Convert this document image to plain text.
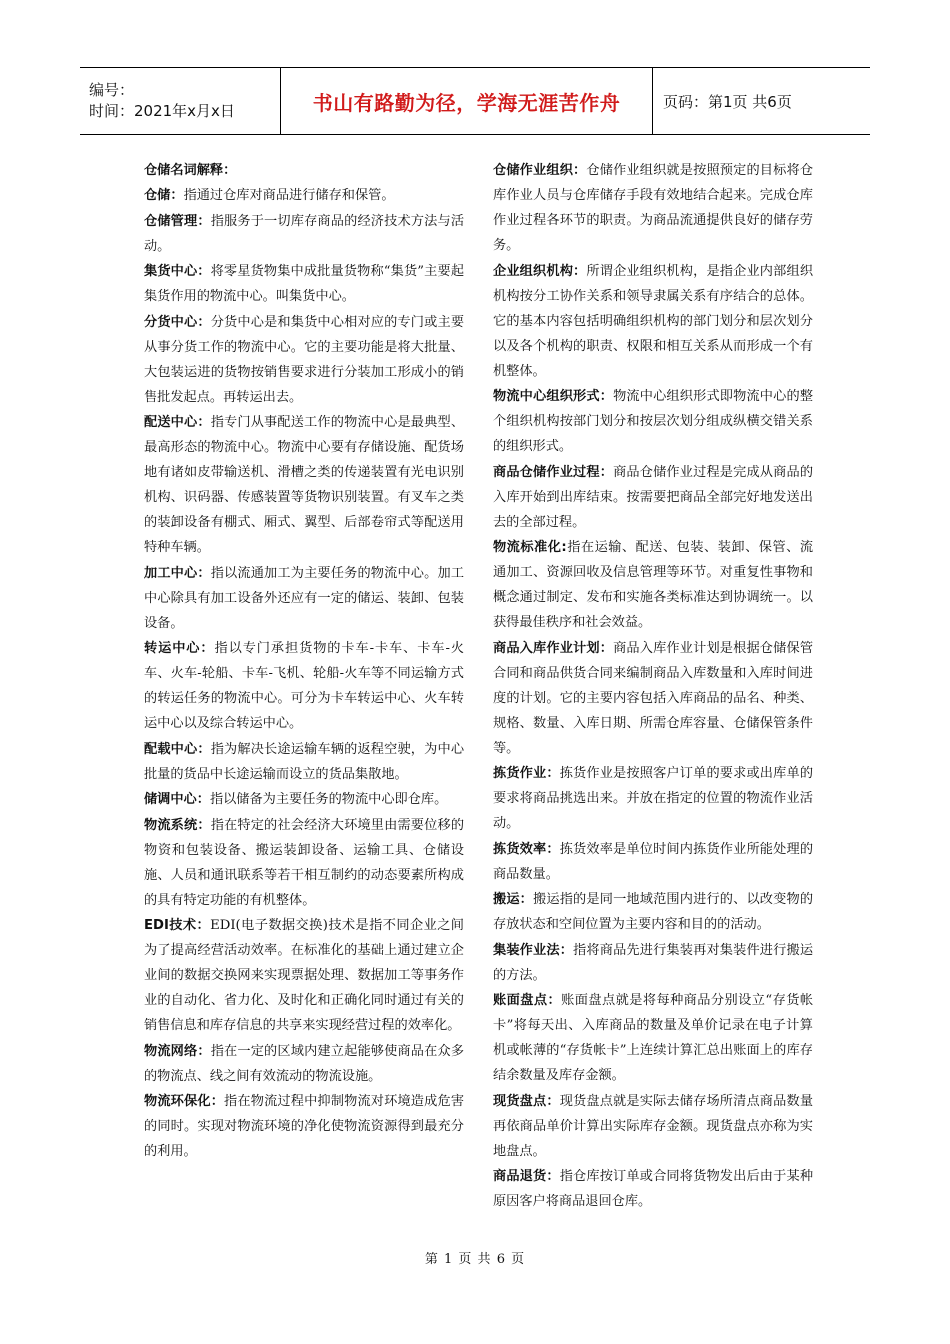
编号：
时间：2021年x月x日	书山有路勤为径，学海无涯苦作舟	页码：第1页 共6页
仓储名词解释：
仓储：指通过仓库对商品进行储存和保管。
仓储管理：指服务于一切库存商品的经济技术方法与活动。
集货中心：将零星货物集中成批量货物称“集货”主要起集货作用的物流中心。叫集货中心。
分货中心：分货中心是和集货中心相对应的专门或主要从事分货工作的物流中心。它的主要功能是将大批量、大包装运进的货物按销售要求进行分装加工形成小的销售批发起点。再转运出去。
配送中心：指专门从事配送工作的物流中心是最典型、最高形态的物流中心。物流中心要有存储设施、配货场地有诸如皮带输送机、滑槽之类的传递装置有光电识别机构、识码器、传感装置等货物识别装置。有叉车之类的装卸设备有棚式、厢式、翼型、后部卷帘式等配送用特种车辆。
加工中心：指以流通加工为主要任务的物流中心。加工中心除具有加工设备外还应有一定的储运、装卸、包装设备。
转运中心：指以专门承担货物的卡车-卡车、卡车-火车、火车-轮船、卡车-飞机、轮船-火车等不同运输方式的转运任务的物流中心。可分为卡车转运中心、火车转运中心以及综合转运中心。
配载中心：指为解决长途运输车辆的返程空驶，为中心批量的货品中长途运输而设立的货品集散地。
储调中心：指以储备为主要任务的物流中心即仓库。
物流系统：指在特定的社会经济大环境里由需要位移的物资和包装设备、搬运装卸设备、运输工具、仓储设施、人员和通讯联系等若干相互制约的动态要素所构成的具有特定功能的有机整体。
EDI技术：EDI(电子数据交换)技术是指不同企业之间为了提高经营活动效率。在标准化的基础上通过建立企业间的数据交换网来实现票据处理、数据加工等事务作业的自动化、省力化、及时化和正确化同时通过有关的销售信息和库存信息的共享来实现经营过程的效率化。
物流网络：指在一定的区域内建立起能够使商品在众多的物流点、线之间有效流动的物流设施。
物流环保化：指在物流过程中抑制物流对环境造成危害的同时。实现对物流环境的净化使物流资源得到最充分的利用。
仓储作业组织：仓储作业组织就是按照预定的目标将仓库作业人员与仓库储存手段有效地结合起来。完成仓库作业过程各环节的职责。为商品流通提供良好的储存劳务。
企业组织机构：所谓企业组织机构，是指企业内部组织机构按分工协作关系和领导隶属关系有序结合的总体。它的基本内容包括明确组织机构的部门划分和层次划分以及各个机构的职责、权限和相互关系从而形成一个有机整体。
物流中心组织形式：物流中心组织形式即物流中心的整个组织机构按部门划分和按层次划分组成纵横交错关系的组织形式。
商品仓储作业过程：商品仓储作业过程是完成从商品的入库开始到出库结束。按需要把商品全部完好地发送出去的全部过程。
物流标准化:指在运输、配送、包装、装卸、保管、流通加工、资源回收及信息管理等环节。对重复性事物和概念通过制定、发布和实施各类标准达到协调统一。以获得最佳秩序和社会效益。
商品入库作业计划：商品入库作业计划是根据仓储保管合同和商品供货合同来编制商品入库数量和入库时间进度的计划。它的主要内容包括入库商品的品名、种类、规格、数量、入库日期、所需仓库容量、仓储保管条件等。
拣货作业：拣货作业是按照客户订单的要求或出库单的要求将商品挑选出来。并放在指定的位置的物流作业活动。
拣货效率：拣货效率是单位时间内拣货作业所能处理的商品数量。
搬运：搬运指的是同一地域范围内进行的、以改变物的存放状态和空间位置为主要内容和目的的活动。
集装作业法：指将商品先进行集装再对集装件进行搬运的方法。
账面盘点：账面盘点就是将每种商品分别设立“存货帐卡”将每天出、入库商品的数量及单价记录在电子计算机或帐薄的“存货帐卡”上连续计算汇总出账面上的库存结余数量及库存金额。
现货盘点：现货盘点就是实际去储存场所清点商品数量再依商品单价计算出实际库存金额。现货盘点亦称为实地盘点。
商品退货：指仓库按订单或合同将货物发出后由于某种原因客户将商品退回仓库。
第 1 页 共 6 页
